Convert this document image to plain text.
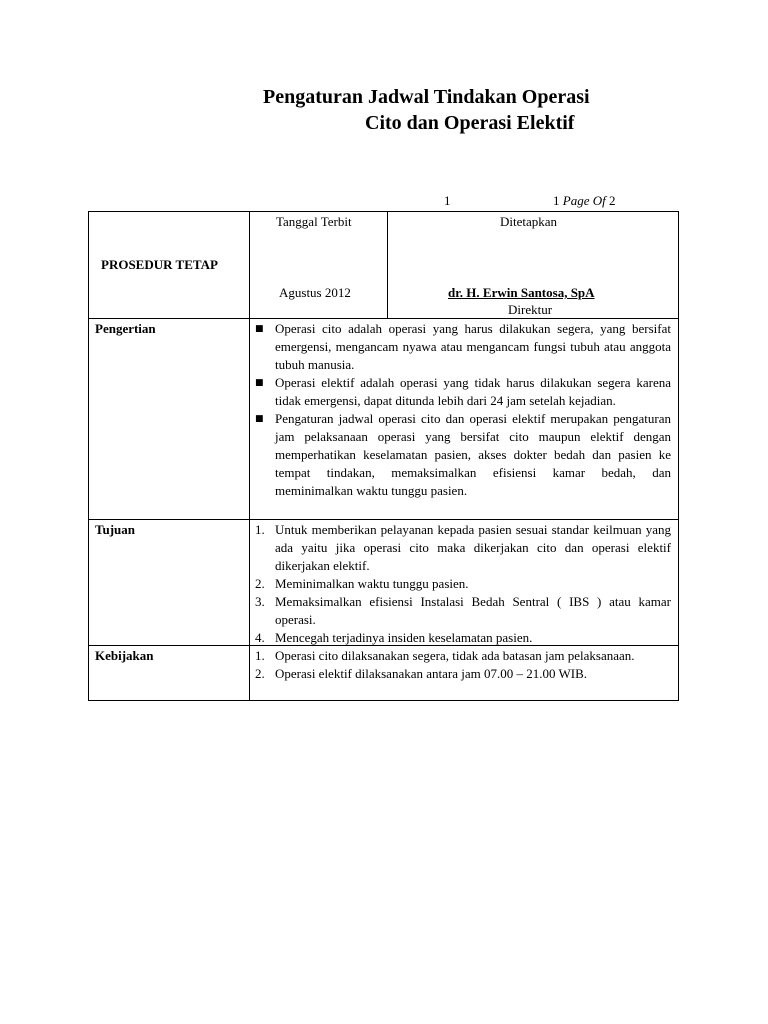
Pengaturan Jadwal Tindakan Operasi
Cito dan Operasi Elektif
1	1 Page Of 2
PROSEDUR TETAP
Tanggal Terbit
Agustus 2012
Ditetapkan
dr. H. Erwin Santosa, SpA
Direktur
Pengertian
Tujuan
Kebijakan
■ Operasi cito adalah operasi yang harus dilakukan segera, yang bersifat emergensi, mengancam nyawa atau mengancam fungsi tubuh atau anggota tubuh manusia.
■ Operasi elektif adalah operasi yang tidak harus dilakukan segera karena tidak emergensi, dapat ditunda lebih dari 24 jam setelah kejadian.
■ Pengaturan jadwal operasi cito dan operasi elektif merupakan pengaturan jam pelaksanaan operasi yang bersifat cito maupun elektif dengan memperhatikan keselamatan pasien, akses dokter bedah dan pasien ke tempat tindakan, memaksimalkan efisiensi kamar bedah, dan meminimalkan waktu tunggu pasien.
1. Untuk memberikan pelayanan kepada pasien sesuai standar keilmuan yang ada yaitu jika operasi cito maka dikerjakan cito dan operasi elektif dikerjakan elektif.
2. Meminimalkan waktu tunggu pasien.
3. Memaksimalkan efisiensi Instalasi Bedah Sentral ( IBS ) atau kamar operasi.
4. Mencegah terjadinya insiden keselamatan pasien.
1. Operasi cito dilaksanakan segera, tidak ada batasan jam pelaksanaan.
2. Operasi elektif dilaksanakan antara jam 07.00 – 21.00 WIB.
